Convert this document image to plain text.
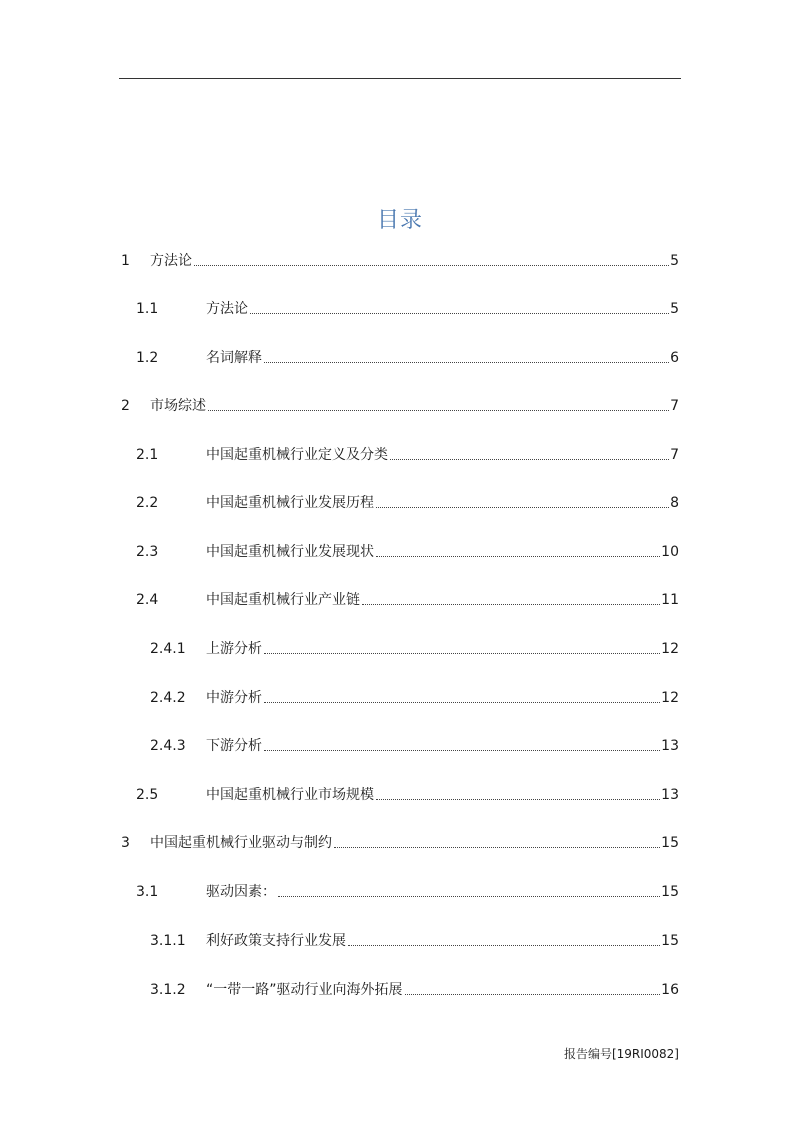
目录
1 方法论	5
1.1	方法论	5
1.2	名词解释	6
2 市场综述	7
2.1	中国起重机械行业定义及分类	7
2.2	中国起重机械行业发展历程	8
2.3	中国起重机械行业发展现状	10
2.4	中国起重机械行业产业链	11
2.4.1 上游分析	12
2.4.2 中游分析	12
2.4.3 下游分析	13
2.5	中国起重机械行业市场规模	13
3 中国起重机械行业驱动与制约	15
3.1	驱动因素：	15
3.1.1 利好政策支持行业发展	15
3.1.2 “一带一路”驱动行业向海外拓展	16
报告编号[19RI0082]
